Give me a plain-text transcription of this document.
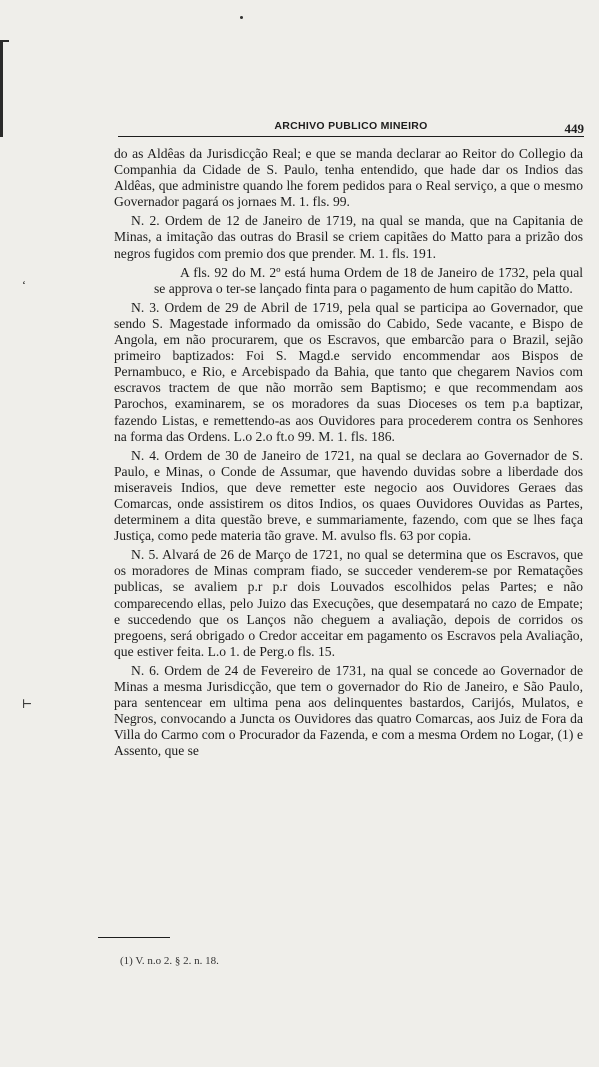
ARCHIVO PUBLICO MINEIRO	449
ʻ
⊢

do as Aldêas da Jurisdicção Real; e que se manda declarar ao Reitor do Collegio da Companhia da Cidade de S. Paulo, tenha entendido, que hade dar os Indios das Aldêas, que administre quando lhe forem pedidos para o Real serviço, a que o mesmo Governador pagará os jornaes M. 1. fls. 99.

N. 2. Ordem de 12 de Janeiro de 1719, na qual se manda, que na Capitania de Minas, a imitação das outras do Brasil se criem capitães do Matto para a prizão dos negros fugidos com premio dos que prender. M. 1. fls. 191.

A fls. 92 do M. 2º está huma Ordem de 18 de Janeiro de 1732, pela qual se approva o ter-se lançado finta para o pagamento de hum capitão do Matto.

N. 3. Ordem de 29 de Abril de 1719, pela qual se participa ao Governador, que sendo S. Magestade informado da omissão do Cabido, Sede vacante, e Bispo de Angola, em não procurarem, que os Escravos, que embarcão para o Brazil, sejão primeiro baptizados: Foi S. Magd.e servido encommendar aos Bispos de Pernambuco, e Rio, e Arcebispado da Bahia, que tanto que chegarem Navios com escravos tractem de que não morrão sem Baptismo; e que recommendam aos Parochos, examinarem, se os moradores da suas Dioceses os tem p.a baptizar, fazendo Listas, e remettendo-as aos Ouvidores para procederem contra os Senhores na forma das Ordens. L.o 2.o ft.o 99. M. 1. fls. 186.

N. 4. Ordem de 30 de Janeiro de 1721, na qual se declara ao Governador de S. Paulo, e Minas, o Conde de Assumar, que havendo duvidas sobre a liberdade dos miseraveis Indios, que deve remetter este negocio aos Ouvidores Geraes das Comarcas, onde assistirem os ditos Indios, os quaes Ouvidores Ouvidas as Partes, determinem a dita questão breve, e summariamente, fazendo, com que se lhes faça Justiça, como pede materia tão grave. M. avulso fls. 63 por copia.

N. 5. Alvará de 26 de Março de 1721, no qual se determina que os Escravos, que os moradores de Minas compram fiado, se succeder venderem-se por Rematações publicas, se avaliem p.r p.r dois Louvados escolhidos pelas Partes; e não comparecendo ellas, pelo Juizo das Execuções, que desempatará no cazo de Empate; e succedendo que os Lanços não cheguem a avaliação, depois de corridos os pregoens, será obrigado o Credor acceitar em pagamento os Escravos pela Avaliação, que estiver feita. L.o 1. de Perg.o fls. 15.

N. 6. Ordem de 24 de Fevereiro de 1731, na qual se concede ao Governador de Minas a mesma Jurisdicção, que tem o governador do Rio de Janeiro, e São Paulo, para sentencear em ultima pena aos delinquentes bastardos, Carijós, Mulatos, e Negros, convocando a Juncta os Ouvidores das quatro Comarcas, aos Juiz de Fora da Villa do Carmo com o Procurador da Fazenda, e com a mesma Ordem no Logar, (1) e Assento, que se

(1) V. n.o 2. § 2. n. 18.
